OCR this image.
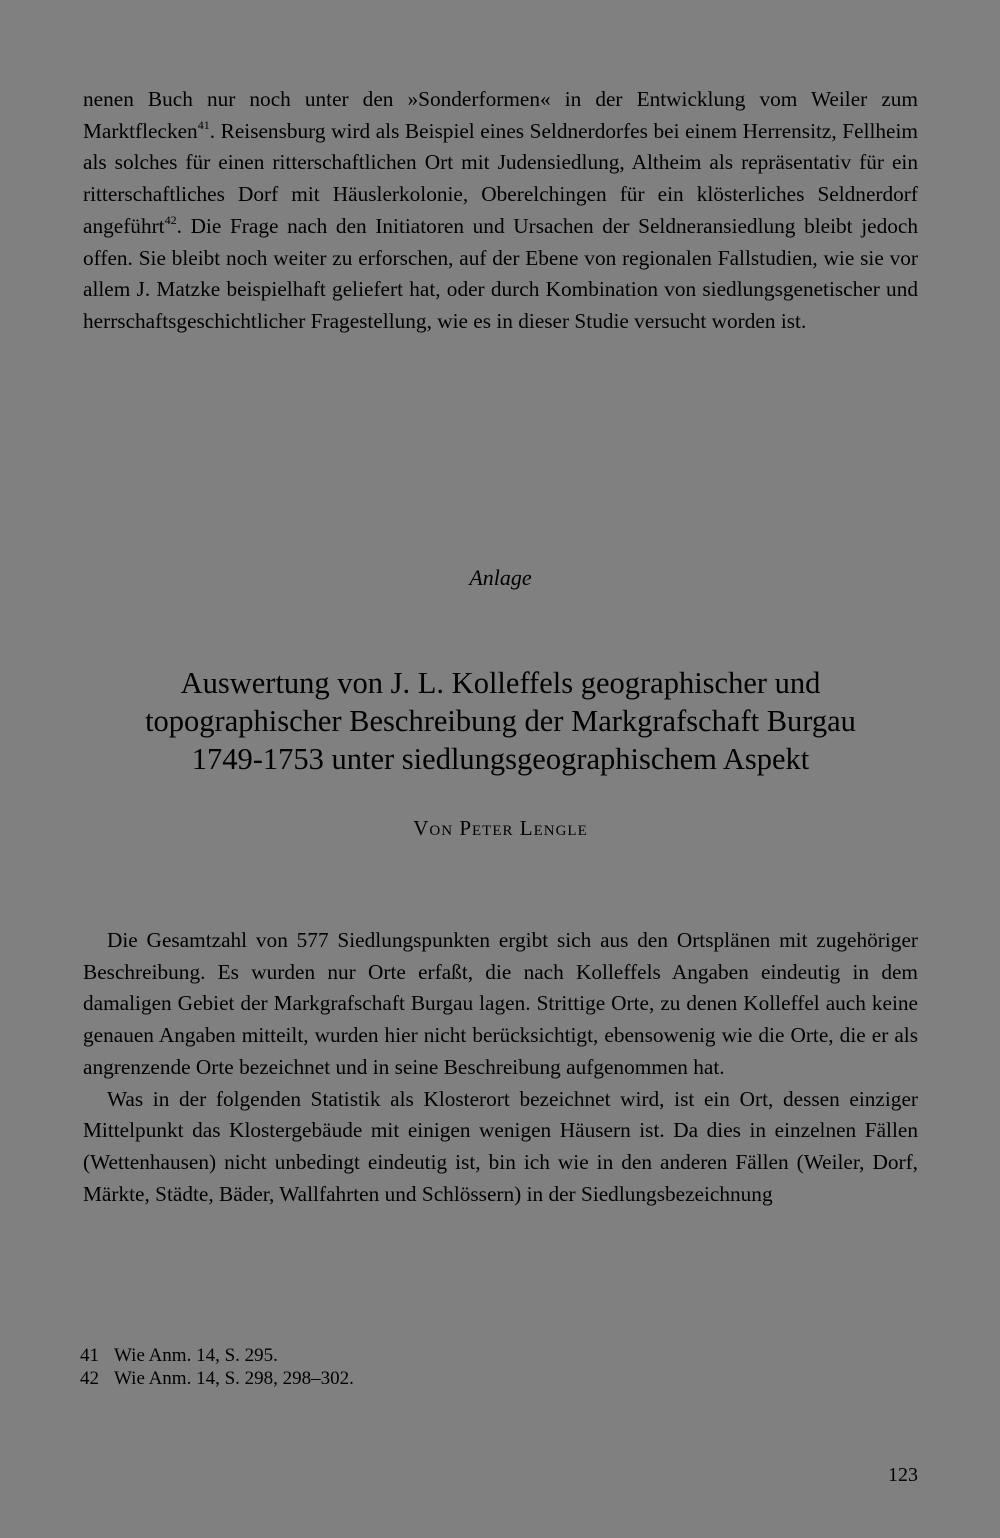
nenen Buch nur noch unter den »Sonderformen« in der Entwicklung vom Weiler zum Marktflecken$^{41}$. Reisensburg wird als Beispiel eines Seldnerdorfes bei einem Herrensitz, Fellheim als solches für einen ritterschaftlichen Ort mit Judensiedlung, Altheim als repräsentativ für ein ritterschaftliches Dorf mit Häuslerkolonie, Oberelchingen für ein klösterliches Seldnerdorf angeführt$^{42}$. Die Frage nach den Initiatoren und Ursachen der Seldneransiedlung bleibt jedoch offen. Sie bleibt noch weiter zu erforschen, auf der Ebene von regionalen Fallstudien, wie sie vor allem J. Matzke beispielhaft geliefert hat, oder durch Kombination von siedlungsgenetischer und herrschaftsgeschichtlicher Fragestellung, wie es in dieser Studie versucht worden ist.

Anlage
Auswertung von J. L. Kolleffels geographischer und
topographischer Beschreibung der Markgrafschaft Burgau
1749-1753 unter siedlungsgeographischem Aspekt
Von Peter Lengle

Die Gesamtzahl von 577 Siedlungspunkten ergibt sich aus den Ortsplänen mit zugehöriger Beschreibung. Es wurden nur Orte erfaßt, die nach Kolleffels Angaben eindeutig in dem damaligen Gebiet der Markgrafschaft Burgau lagen. Strittige Orte, zu denen Kolleffel auch keine genauen Angaben mitteilt, wurden hier nicht berücksichtigt, ebensowenig wie die Orte, die er als angrenzende Orte bezeichnet und in seine Beschreibung aufgenommen hat.

Was in der folgenden Statistik als Klosterort bezeichnet wird, ist ein Ort, dessen einziger Mittelpunkt das Klostergebäude mit einigen wenigen Häusern ist. Da dies in einzelnen Fällen (Wettenhausen) nicht unbedingt eindeutig ist, bin ich wie in den anderen Fällen (Weiler, Dorf, Märkte, Städte, Bäder, Wallfahrten und Schlössern) in der Siedlungsbezeichnung

41 Wie Anm. 14, S. 295.

42 Wie Anm. 14, S. 298, 298–302.

123
